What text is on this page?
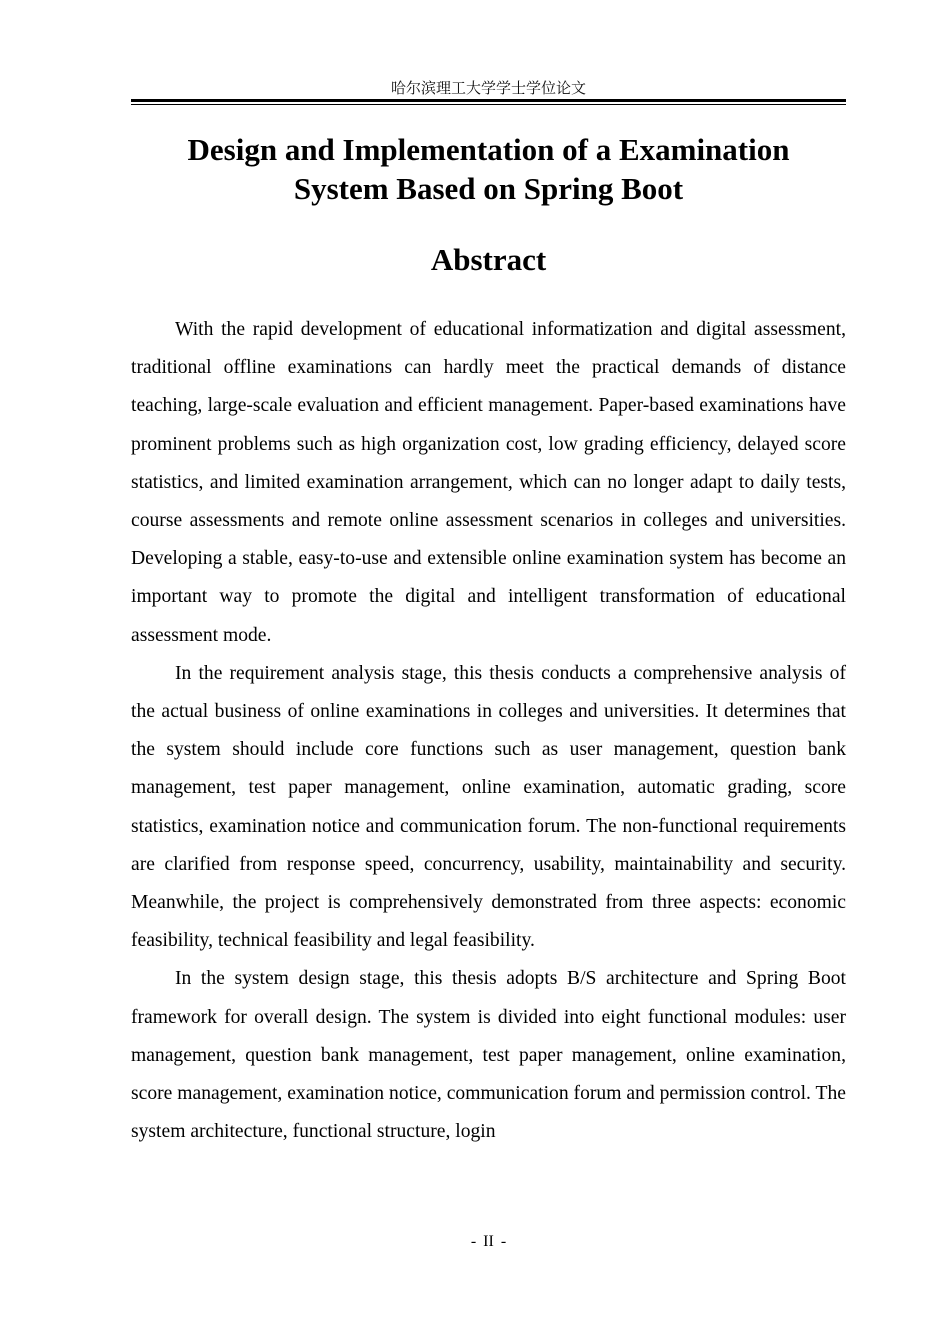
哈尔滨理工大学学士学位论文
Design and Implementation of a Examination
System Based on Spring Boot
Abstract

With the rapid development of educational informatization and digital assessment, traditional offline examinations can hardly meet the practical demands of distance teaching, large-scale evaluation and efficient management. Paper-based examinations have prominent problems such as high organization cost, low grading efficiency, delayed score statistics, and limited examination arrangement, which can no longer adapt to daily tests, course assessments and remote online assessment scenarios in colleges and universities. Developing a stable, easy-to-use and extensible online examination system has become an important way to promote the digital and intelligent transformation of educational assessment mode.

In the requirement analysis stage, this thesis conducts a comprehensive analysis of the actual business of online examinations in colleges and universities. It determines that the system should include core functions such as user management, question bank management, test paper management, online examination, automatic grading, score statistics, examination notice and communication forum. The non-functional requirements are clarified from response speed, concurrency, usability, maintainability and security. Meanwhile, the project is comprehensively demonstrated from three aspects: economic feasibility, technical feasibility and legal feasibility.

In the system design stage, this thesis adopts B/S architecture and Spring Boot framework for overall design. The system is divided into eight functional modules: user management, question bank management, test paper management, online examination, score management, examination notice, communication forum and permission control. The system architecture, functional structure, login

- II -
